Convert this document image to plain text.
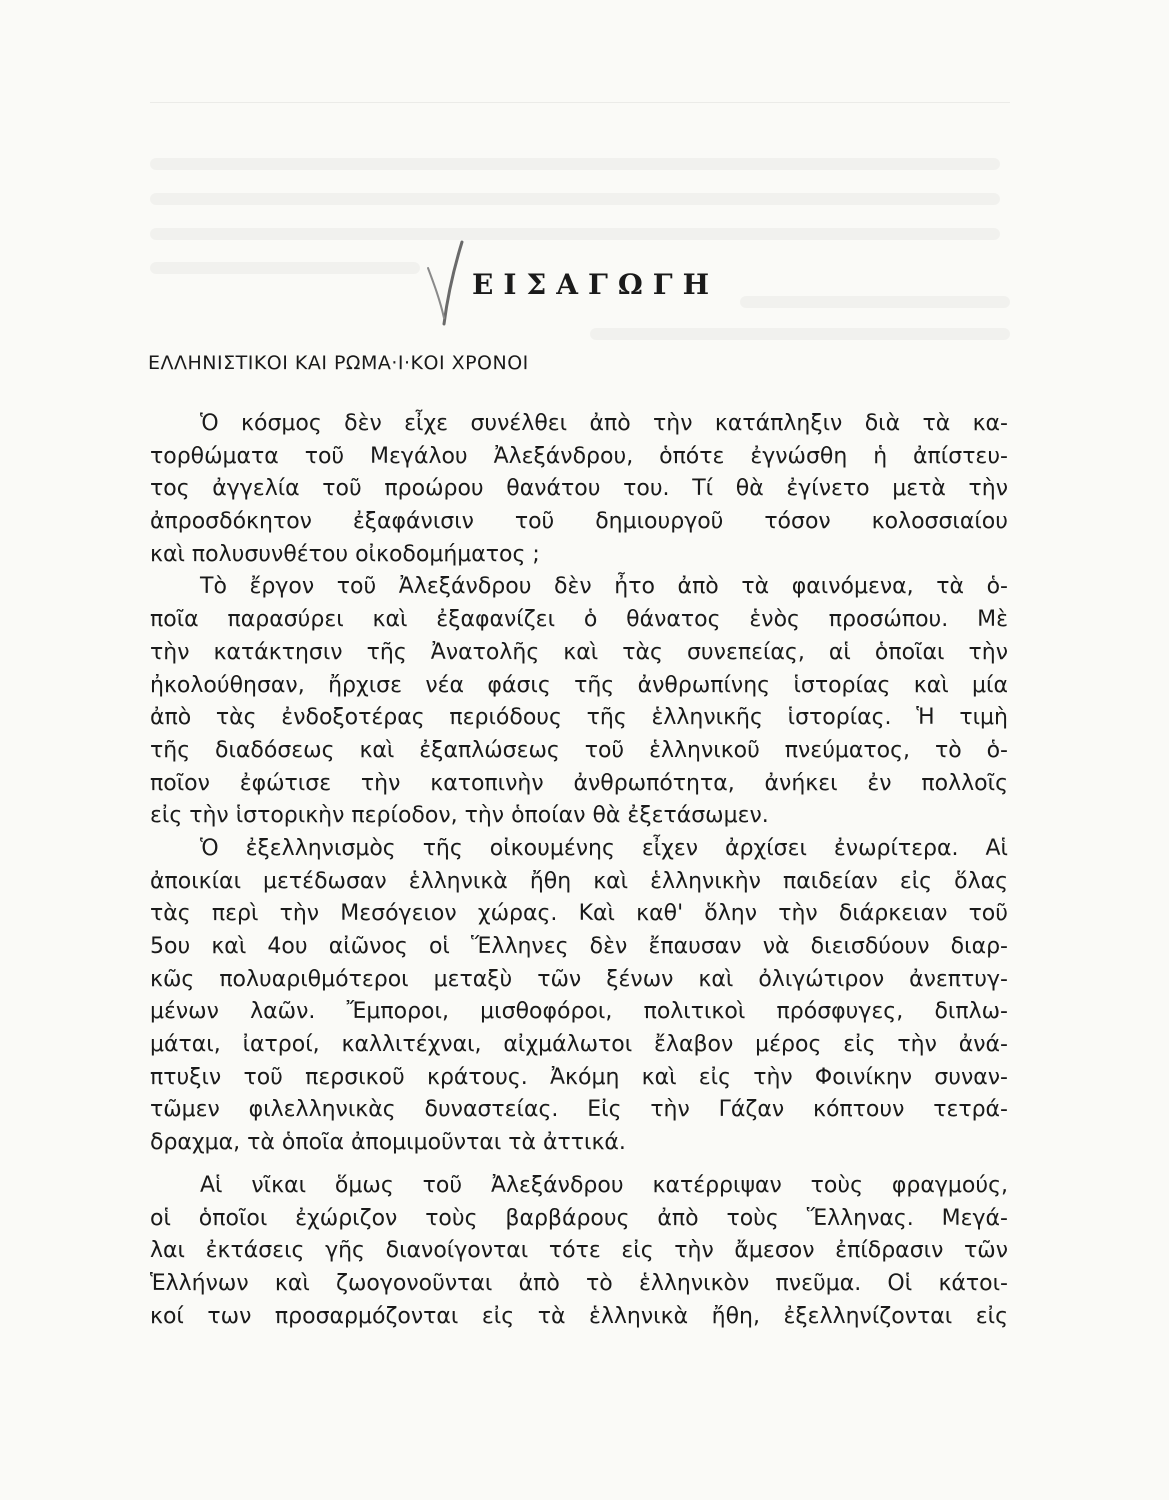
ΕΙΣΑΓΩΓΗ
ΕΛΛΗΝΙΣΤΙΚΟΙ ΚΑΙ ΡΩΜΑ·Ι·ΚΟΙ ΧΡΟΝΟΙ
Ὁ κόσμος δὲν εἶχε συνέλθει ἀπὸ τὴν κατάπληξιν διὰ τὰ κα-
τορθώματα τοῦ Μεγάλου Ἀλεξάνδρου, ὁπότε ἐγνώσθη ἡ ἀπίστευ-
τος ἀγγελία τοῦ προώρου θανάτου του. Τί θὰ ἐγίνετο μετὰ τὴν
ἀπροσδόκητον ἐξαφάνισιν τοῦ δημιουργοῦ τόσον κολοσσιαίου
καὶ πολυσυνθέτου οἰκοδομήματος ;
Τὸ ἔργον τοῦ Ἀλεξάνδρου δὲν ἦτο ἀπὸ τὰ φαινόμενα, τὰ ὁ-
ποῖα παρασύρει καὶ ἐξαφανίζει ὁ θάνατος ἑνὸς προσώπου. Μὲ
τὴν κατάκτησιν τῆς Ἀνατολῆς καὶ τὰς συνεπείας, αἱ ὁποῖαι τὴν
ἠκολούθησαν, ἤρχισε νέα φάσις τῆς ἀνθρωπίνης ἱστορίας καὶ μία
ἀπὸ τὰς ἐνδοξοτέρας περιόδους τῆς ἑλληνικῆς ἱστορίας. Ἡ τιμὴ
τῆς διαδόσεως καὶ ἐξαπλώσεως τοῦ ἑλληνικοῦ πνεύματος, τὸ ὁ-
ποῖον ἐφώτισε τὴν κατοπινὴν ἀνθρωπότητα, ἀνήκει ἐν πολλοῖς
εἰς τὴν ἱστορικὴν περίοδον, τὴν ὁποίαν θὰ ἐξετάσωμεν.
Ὁ ἐξελληνισμὸς τῆς οἰκουμένης εἶχεν ἀρχίσει ἐνωρίτερα. Αἱ
ἀποικίαι μετέδωσαν ἑλληνικὰ ἤθη καὶ ἑλληνικὴν παιδείαν εἰς ὅλας
τὰς περὶ τὴν Μεσόγειον χώρας. Καὶ καθ' ὅλην τὴν διάρκειαν τοῦ
5ου καὶ 4ου αἰῶνος οἱ Ἕλληνες δὲν ἔπαυσαν νὰ διεισδύουν διαρ-
κῶς πολυαριθμότεροι μεταξὺ τῶν ξένων καὶ ὀλιγώτιρον ἀνεπτυγ-
μένων λαῶν. Ἔμποροι, μισθοφόροι, πολιτικοὶ πρόσφυγες, διπλω-
μάται, ἰατροί, καλλιτέχναι, αἰχμάλωτοι ἔλαβον μέρος εἰς τὴν ἀνά-
πτυξιν τοῦ περσικοῦ κράτους. Ἀκόμη καὶ εἰς τὴν Φοινίκην συναν-
τῶμεν φιλελληνικὰς δυναστείας. Εἰς τὴν Γάζαν κόπτουν τετρά-
δραχμα, τὰ ὁποῖα ἀπομιμοῦνται τὰ ἀττικά.
Αἱ νῖκαι ὅμως τοῦ Ἀλεξάνδρου κατέρριψαν τοὺς φραγμούς,
οἱ ὁποῖοι ἐχώριζον τοὺς βαρβάρους ἀπὸ τοὺς Ἕλληνας. Μεγά-
λαι ἐκτάσεις γῆς διανοίγονται τότε εἰς τὴν ἄμεσον ἐπίδρασιν τῶν
Ἑλλήνων καὶ ζωογονοῦνται ἀπὸ τὸ ἑλληνικὸν πνεῦμα. Οἱ κάτοι-
κοί των προσαρμόζονται εἰς τὰ ἑλληνικὰ ἤθη, ἐξελληνίζονται εἰς
